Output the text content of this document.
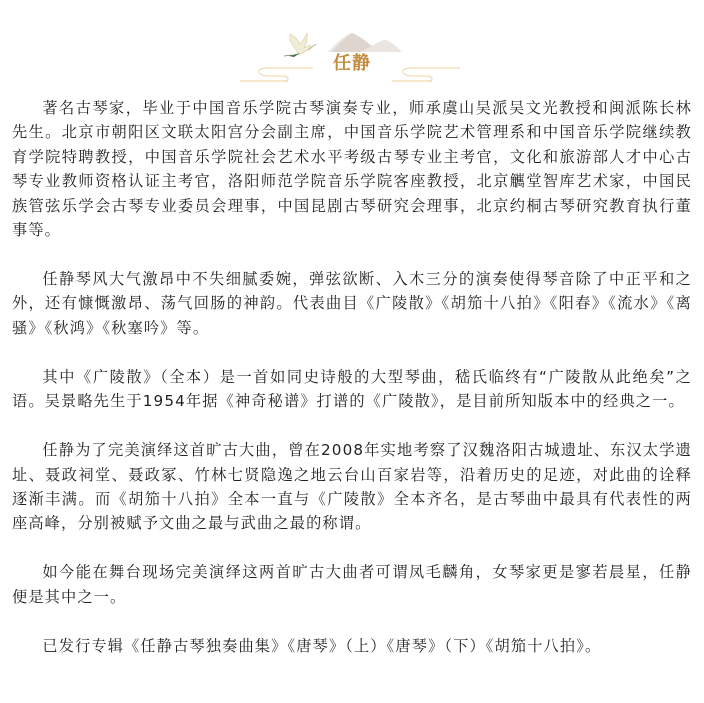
任静

著名古琴家，毕业于中国音乐学院古琴演奏专业，师承虞山吴派吴文光教授和闽派陈长林先生。北京市朝阳区文联太阳宫分会副主席，中国音乐学院艺术管理系和中国音乐学院继续教育学院特聘教授，中国音乐学院社会艺术水平考级古琴专业主考官，文化和旅游部人才中心古琴专业教师资格认证主考官，洛阳师范学院音乐学院客座教授，北京觽堂智库艺术家，中国民族管弦乐学会古琴专业委员会理事，中国昆剧古琴研究会理事，北京约桐古琴研究教育执行董事等。

任静琴风大气激昂中不失细腻委婉，弹弦欲断、入木三分的演奏使得琴音除了中正平和之外，还有慷慨激昂、荡气回肠的神韵。代表曲目《广陵散》《胡笳十八拍》《阳春》《流水》《离骚》《秋鸿》《秋塞吟》等。

其中《广陵散》（全本）是一首如同史诗般的大型琴曲，嵇氏临终有“广陵散从此绝矣”之语。吴景略先生于1954年据《神奇秘谱》打谱的《广陵散》，是目前所知版本中的经典之一。

任静为了完美演绎这首旷古大曲，曾在2008年实地考察了汉魏洛阳古城遗址、东汉太学遗址、聂政祠堂、聂政冢、竹林七贤隐逸之地云台山百家岩等，沿着历史的足迹，对此曲的诠释逐渐丰满。而《胡笳十八拍》全本一直与《广陵散》全本齐名，是古琴曲中最具有代表性的两座高峰，分别被赋予文曲之最与武曲之最的称谓。

如今能在舞台现场完美演绎这两首旷古大曲者可谓凤毛麟角，女琴家更是寥若晨星，任静便是其中之一。

已发行专辑《任静古琴独奏曲集》《唐琴》（上）《唐琴》（下）《胡笳十八拍》。
